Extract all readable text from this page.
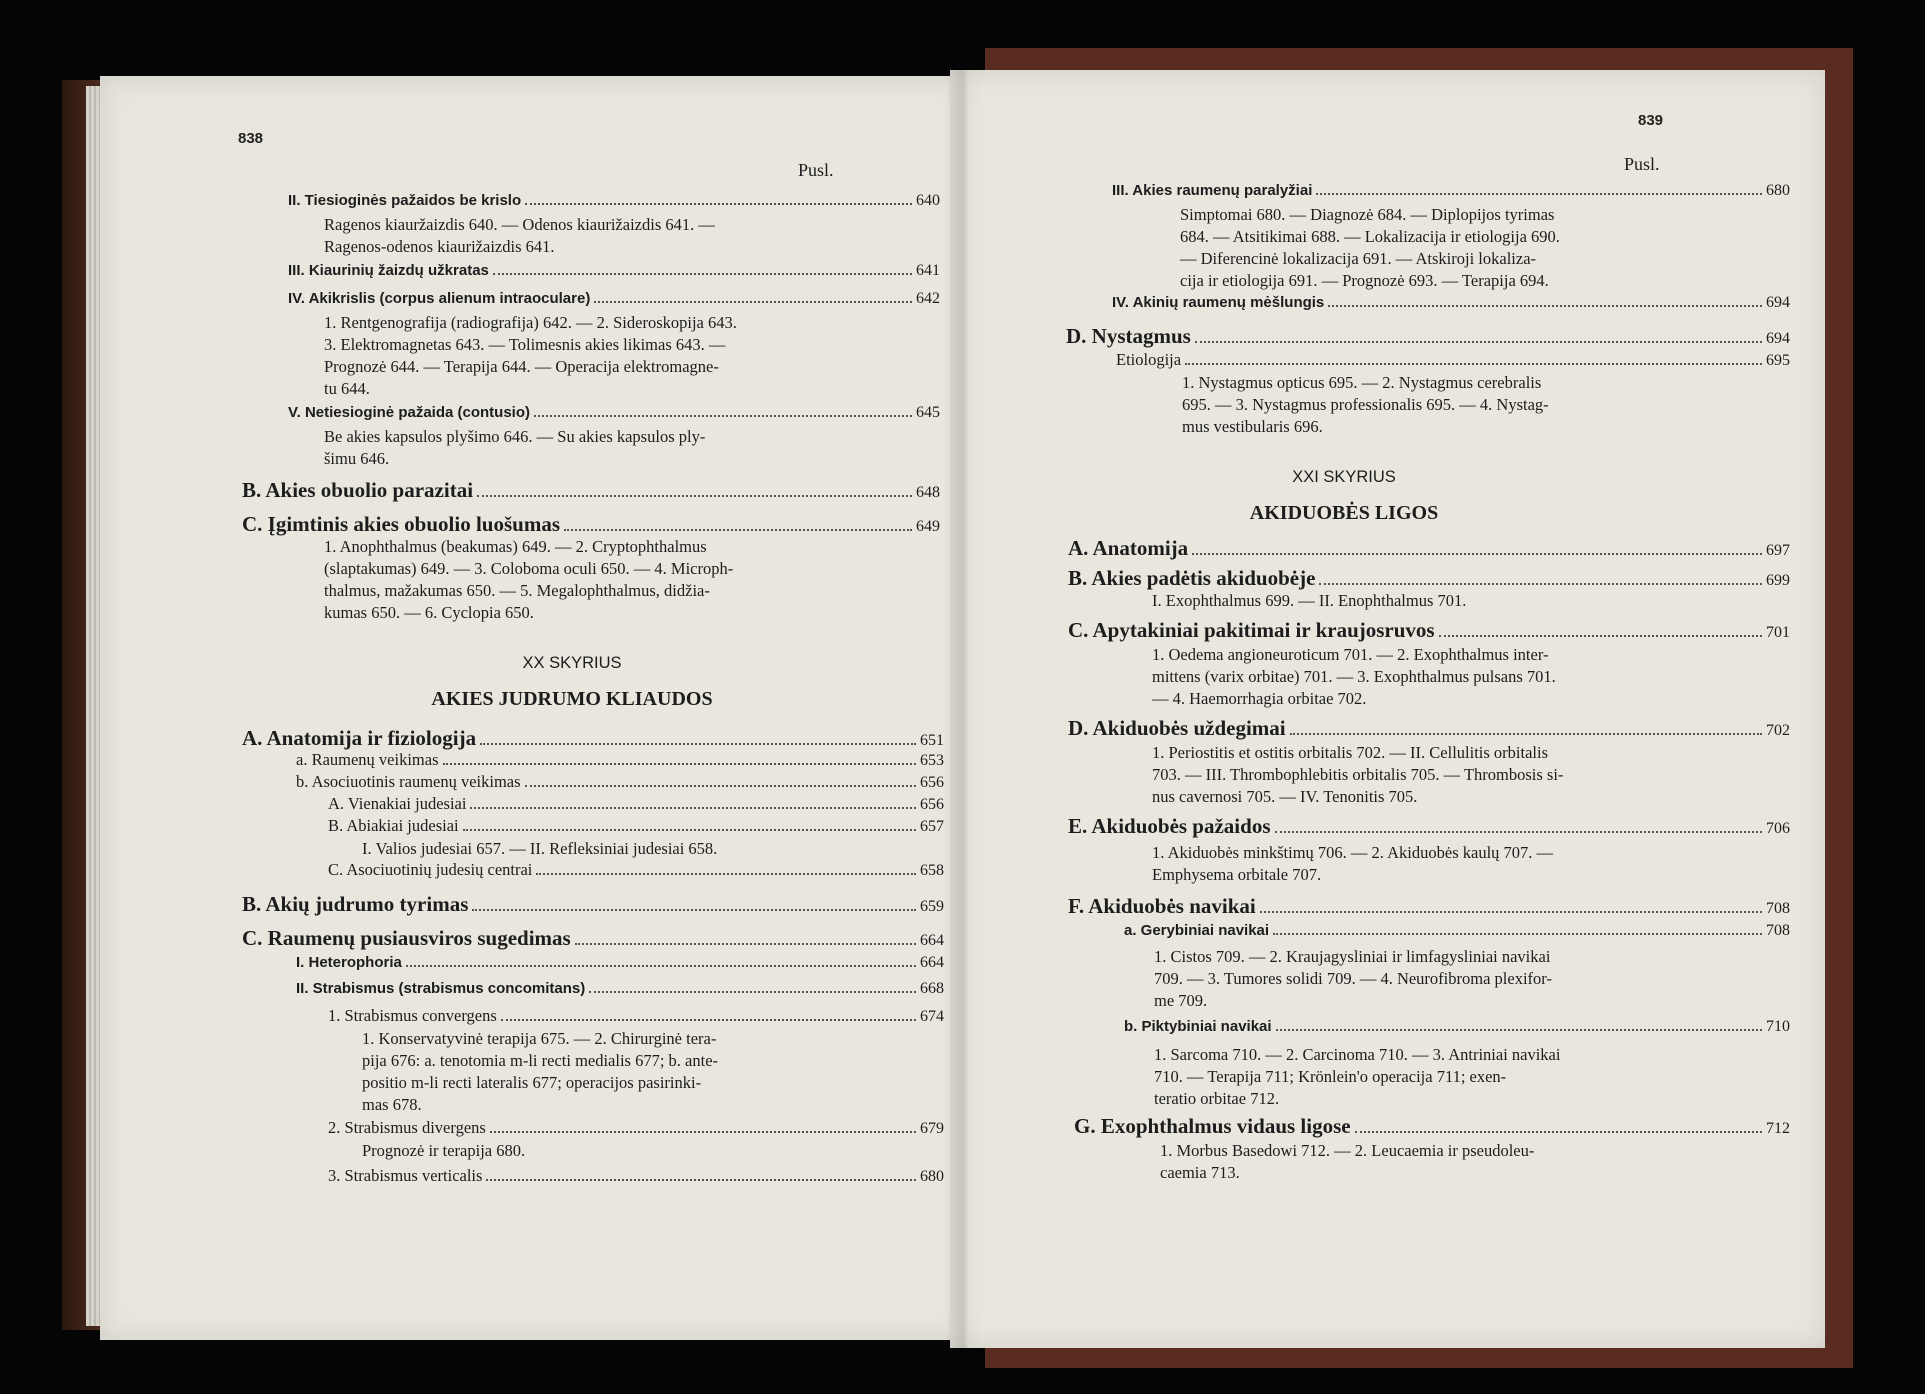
838
Pusl.
II. Tiesioginės pažaidos be krislo	640
Ragenos kiauržaizdis 640. — Odenos kiaurižaizdis 641. —
Ragenos-odenos kiaurižaizdis 641.
III. Kiaurinių žaizdų užkratas	641
IV. Akikrislis (corpus alienum intraoculare)	642
1. Rentgenografija (radiografija) 642. — 2. Sideroskopija 643.
3. Elektromagnetas 643. — Tolimesnis akies likimas 643. —
Prognozė 644. — Terapija 644. — Operacija elektromagne-
tu 644.
V. Netiesioginė pažaida (contusio)	645
Be akies kapsulos plyšimo 646. — Su akies kapsulos ply-
šimu 646.
B. Akies obuolio parazitai	648
C. Įgimtinis akies obuolio luošumas	649
1. Anophthalmus (beakumas) 649. — 2. Cryptophthalmus
(slaptakumas) 649. — 3. Coloboma oculi 650. — 4. Microph-
thalmus, mažakumas 650. — 5. Megalophthalmus, didžia-
kumas 650. — 6. Cyclopia 650.
XX SKYRIUS
AKIES JUDRUMO KLIAUDOS
A. Anatomija ir fiziologija	651
a. Raumenų veikimas	653
b. Asociuotinis raumenų veikimas	656
A. Vienakiai judesiai	656
B. Abiakiai judesiai	657
I. Valios judesiai 657. — II. Refleksiniai judesiai 658.
C. Asociuotinių judesių centrai	658
B. Akių judrumo tyrimas	659
C. Raumenų pusiausviros sugedimas	664
I. Heterophoria	664
II. Strabismus (strabismus concomitans)	668
1. Strabismus convergens	674
1. Konservatyvinė terapija 675. — 2. Chirurginė tera-
pija 676: a. tenotomia m-li recti medialis 677; b. ante-
positio m-li recti lateralis 677; operacijos pasirinki-
mas 678.
2. Strabismus divergens	679
Prognozė ir terapija 680.
3. Strabismus verticalis	680
839
Pusl.
III. Akies raumenų paralyžiai	680
Simptomai 680. — Diagnozė 684. — Diplopijos tyrimas
684. — Atsitikimai 688. — Lokalizacija ir etiologija 690.
— Diferencinė lokalizacija 691. — Atskiroji lokaliza-
cija ir etiologija 691. — Prognozė 693. — Terapija 694.
IV. Akinių raumenų mėšlungis	694
D. Nystagmus	694
Etiologija	695
1. Nystagmus opticus 695. — 2. Nystagmus cerebralis
695. — 3. Nystagmus professionalis 695. — 4. Nystag-
mus vestibularis 696.
XXI SKYRIUS
AKIDUOBĖS LIGOS
A. Anatomija	697
B. Akies padėtis akiduobėje	699
I. Exophthalmus 699. — II. Enophthalmus 701.
C. Apytakiniai pakitimai ir kraujosruvos	701
1. Oedema angioneuroticum 701. — 2. Exophthalmus inter-
mittens (varix orbitae) 701. — 3. Exophthalmus pulsans 701.
— 4. Haemorrhagia orbitae 702.
D. Akiduobės uždegimai	702
1. Periostitis et ostitis orbitalis 702. — II. Cellulitis orbitalis
703. — III. Thrombophlebitis orbitalis 705. — Thrombosis si-
nus cavernosi 705. — IV. Tenonitis 705.
E. Akiduobės pažaidos	706
1. Akiduobės minkštimų 706. — 2. Akiduobės kaulų 707. —
Emphysema orbitale 707.
F. Akiduobės navikai	708
a. Gerybiniai navikai	708
1. Cistos 709. — 2. Kraujagysliniai ir limfagysliniai navikai
709. — 3. Tumores solidi 709. — 4. Neurofibroma plexifor-
me 709.
b. Piktybiniai navikai	710
1. Sarcoma 710. — 2. Carcinoma 710. — 3. Antriniai navikai
710. — Terapija 711; Krönlein'o operacija 711; exen-
teratio orbitae 712.
G. Exophthalmus vidaus ligose	712
1. Morbus Basedowi 712. — 2. Leucaemia ir pseudoleu-
caemia 713.
